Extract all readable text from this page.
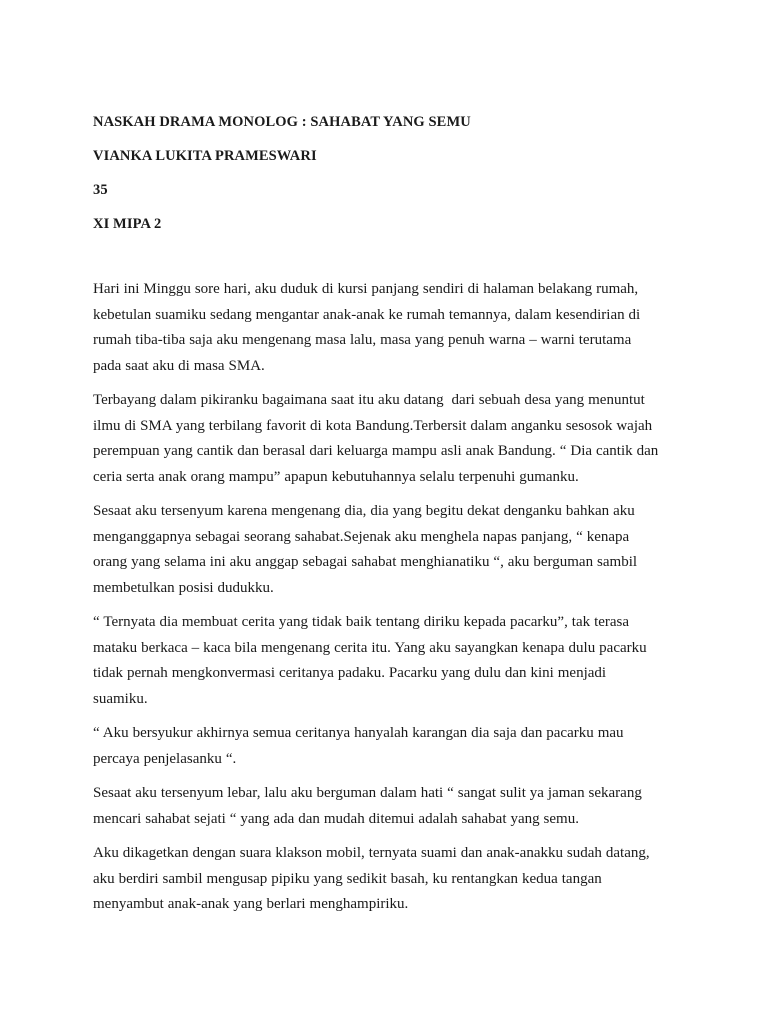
NASKAH DRAMA MONOLOG : SAHABAT YANG SEMU

VIANKA LUKITA PRAMESWARI

35

XI MIPA 2

Hari ini Minggu sore hari, aku duduk di kursi panjang sendiri di halaman belakang rumah,
kebetulan suamiku sedang mengantar anak-anak ke rumah temannya, dalam kesendirian di
rumah tiba-tiba saja aku mengenang masa lalu, masa yang penuh warna – warni terutama
pada saat aku di masa SMA.

Terbayang dalam pikiranku bagaimana saat itu aku datang  dari sebuah desa yang menuntut
ilmu di SMA yang terbilang favorit di kota Bandung.Terbersit dalam anganku sesosok wajah
perempuan yang cantik dan berasal dari keluarga mampu asli anak Bandung. “ Dia cantik dan
ceria serta anak orang mampu” apapun kebutuhannya selalu terpenuhi gumanku.

Sesaat aku tersenyum karena mengenang dia, dia yang begitu dekat denganku bahkan aku
menganggapnya sebagai seorang sahabat.Sejenak aku menghela napas panjang, “ kenapa
orang yang selama ini aku anggap sebagai sahabat menghianatiku “, aku berguman sambil
membetulkan posisi dudukku.

“ Ternyata dia membuat cerita yang tidak baik tentang diriku kepada pacarku”, tak terasa
mataku berkaca – kaca bila mengenang cerita itu. Yang aku sayangkan kenapa dulu pacarku
tidak pernah mengkonvermasi ceritanya padaku. Pacarku yang dulu dan kini menjadi
suamiku.

“ Aku bersyukur akhirnya semua ceritanya hanyalah karangan dia saja dan pacarku mau
percaya penjelasanku “.

Sesaat aku tersenyum lebar, lalu aku berguman dalam hati “ sangat sulit ya jaman sekarang
mencari sahabat sejati “ yang ada dan mudah ditemui adalah sahabat yang semu.

Aku dikagetkan dengan suara klakson mobil, ternyata suami dan anak-anakku sudah datang,
aku berdiri sambil mengusap pipiku yang sedikit basah, ku rentangkan kedua tangan
menyambut anak-anak yang berlari menghampiriku.
